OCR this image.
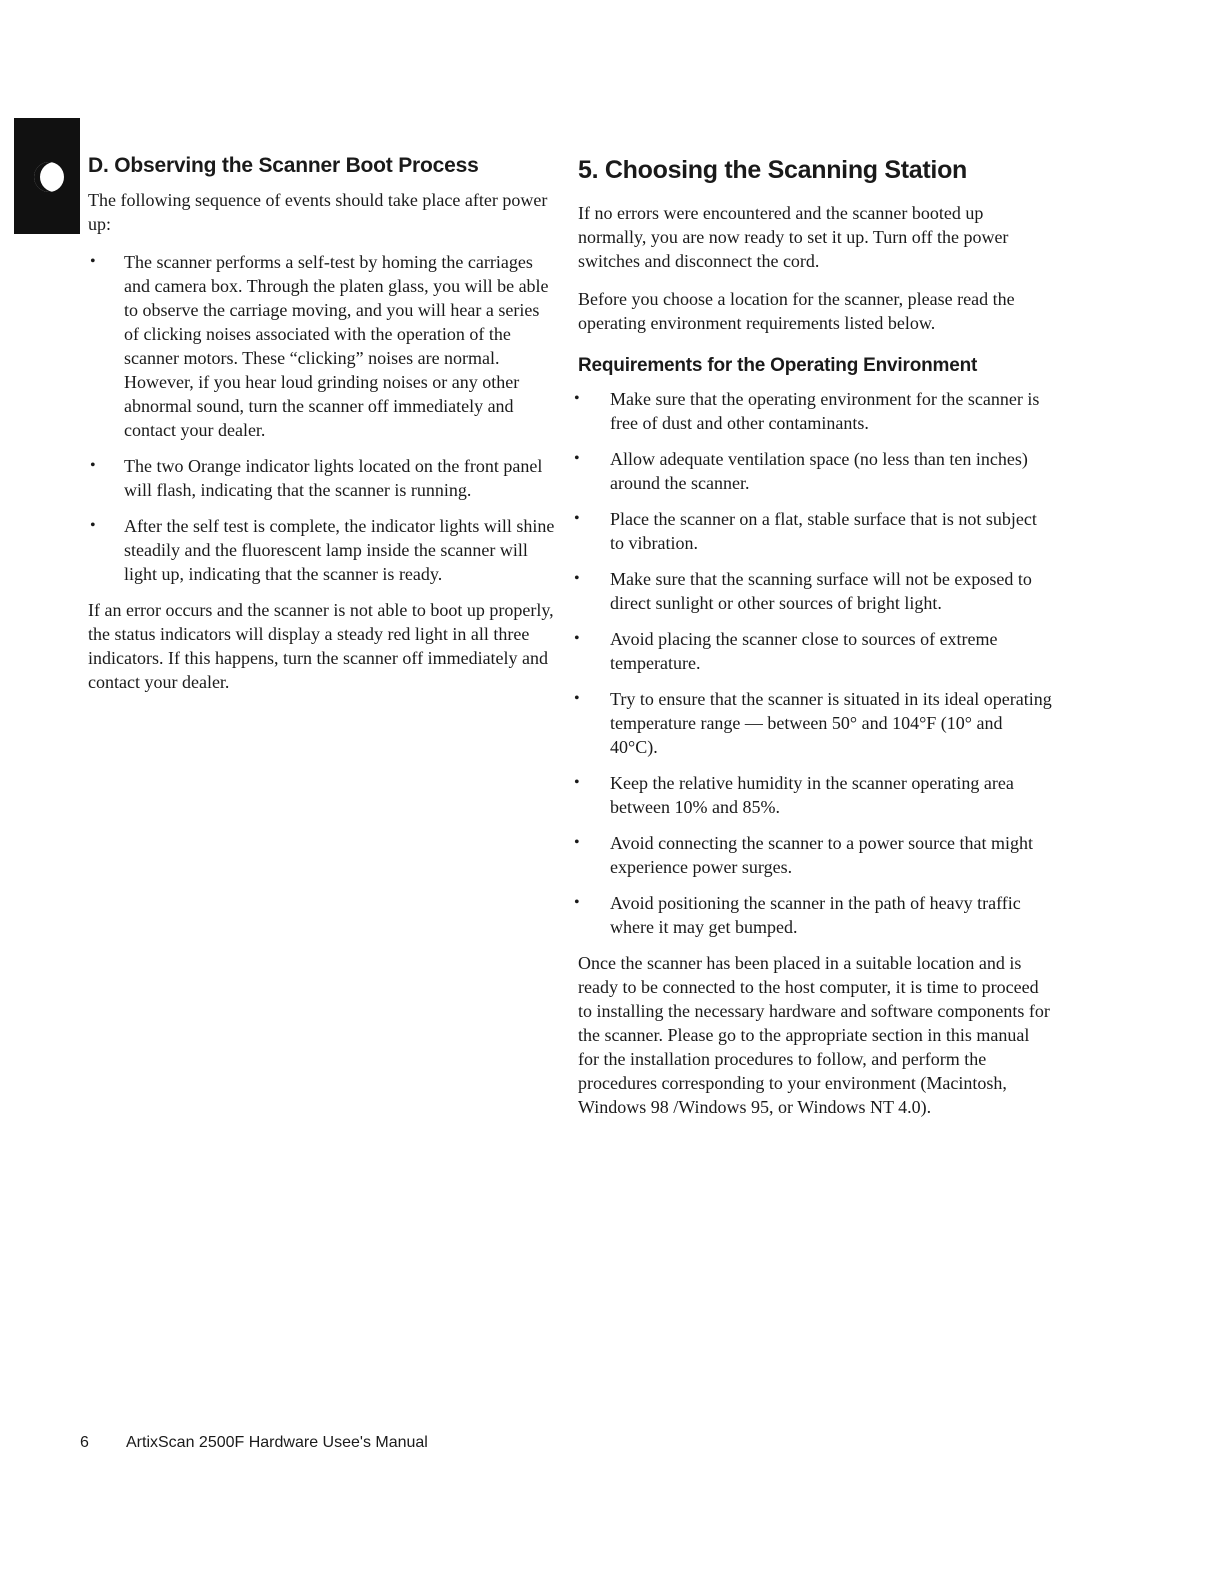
D. Observing the Scanner Boot Process

The following sequence of events should take place after power up:

• The scanner performs a self-test by homing the carriages and camera box. Through the platen glass, you will be able to observe the carriage moving, and you will hear a series of clicking noises associated with the operation of the scanner motors. These “clicking” noises are normal. However, if you hear loud grinding noises or any other abnormal sound, turn the scanner off immediately and contact your dealer.
• The two Orange indicator lights located on the front panel will flash, indicating that the scanner is running.
• After the self test is complete, the indicator lights will shine steadily and the fluorescent lamp inside the scanner will light up, indicating that the scanner is ready.

If an error occurs and the scanner is not able to boot up properly, the status indicators will display a steady red light in all three indicators. If this happens, turn the scanner off immediately and contact your dealer.

5. Choosing the Scanning Station

If no errors were encountered and the scanner booted up normally, you are now ready to set it up. Turn off the power switches and disconnect the cord.

Before you choose a location for the scanner, please read the operating environment requirements listed below.

Requirements for the Operating Environment
• Make sure that the operating environment for the scanner is free of dust and other contaminants.
• Allow adequate ventilation space (no less than ten inches) around the scanner.
• Place the scanner on a flat, stable surface that is not subject to vibration.
• Make sure that the scanning surface will not be exposed to direct sunlight or other sources of bright light.
• Avoid placing the scanner close to sources of extreme temperature.
• Try to ensure that the scanner is situated in its ideal operating temperature range — between 50° and 104°F (10° and 40°C).
• Keep the relative humidity in the scanner operating area between 10% and 85%.
• Avoid connecting the scanner to a power source that might experience power surges.
• Avoid positioning the scanner in the path of heavy traffic where it may get bumped.

Once the scanner has been placed in a suitable location and is ready to be connected to the host computer, it is time to proceed to installing the necessary hardware and software components for the scanner. Please go to the appropriate section in this manual for the installation procedures to follow, and perform the procedures corresponding to your environment (Macintosh, Windows 98 /Windows 95, or Windows NT 4.0).

6 ArtixScan 2500F Hardware Usee's Manual
